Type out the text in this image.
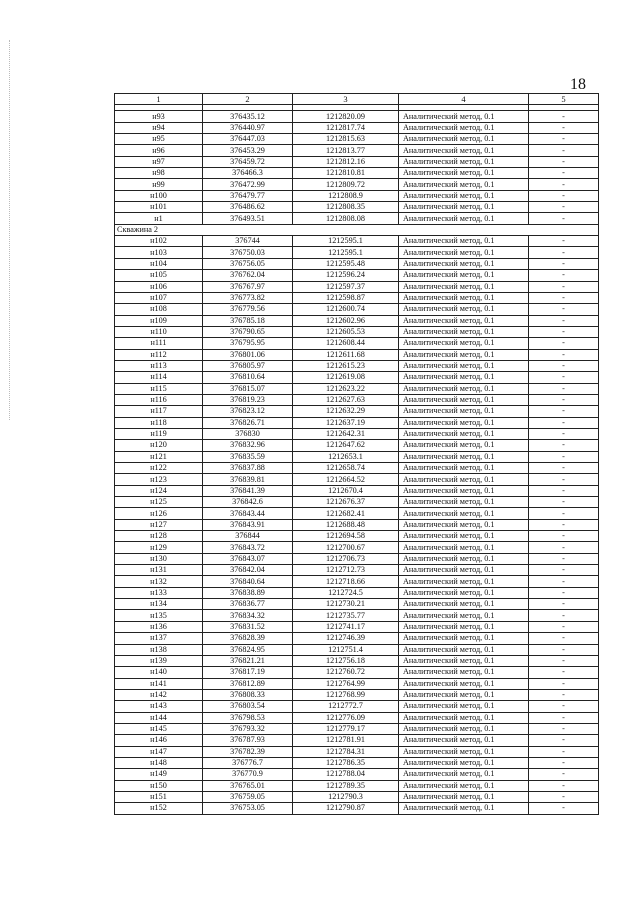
18
1	2	3	4	5

н93	376435.12	1212820.09	Аналитический метод, 0.1	-
н94	376440.97	1212817.74	Аналитический метод, 0.1	-
н95	376447.03	1212815.63	Аналитический метод, 0.1	-
н96	376453.29	1212813.77	Аналитический метод, 0.1	-
н97	376459.72	1212812.16	Аналитический метод, 0.1	-
н98	376466.3	1212810.81	Аналитический метод, 0.1	-
н99	376472.99	1212809.72	Аналитический метод, 0.1	-
н100	376479.77	1212808.9	Аналитический метод, 0.1	-
н101	376486.62	1212808.35	Аналитический метод, 0.1	-
н1	376493.51	1212808.08	Аналитический метод, 0.1	-
Скважина 2				
н102	376744	1212595.1	Аналитический метод, 0.1	-
н103	376750.03	1212595.1	Аналитический метод, 0.1	-
н104	376756.05	1212595.48	Аналитический метод, 0.1	-
н105	376762.04	1212596.24	Аналитический метод, 0.1	-
н106	376767.97	1212597.37	Аналитический метод, 0.1	-
н107	376773.82	1212598.87	Аналитический метод, 0.1	-
н108	376779.56	1212600.74	Аналитический метод, 0.1	-
н109	376785.18	1212602.96	Аналитический метод, 0.1	-
н110	376790.65	1212605.53	Аналитический метод, 0.1	-
н111	376795.95	1212608.44	Аналитический метод, 0.1	-
н112	376801.06	1212611.68	Аналитический метод, 0.1	-
н113	376805.97	1212615.23	Аналитический метод, 0.1	-
н114	376810.64	1212619.08	Аналитический метод, 0.1	-
н115	376815.07	1212623.22	Аналитический метод, 0.1	-
н116	376819.23	1212627.63	Аналитический метод, 0.1	-
н117	376823.12	1212632.29	Аналитический метод, 0.1	-
н118	376826.71	1212637.19	Аналитический метод, 0.1	-
н119	376830	1212642.31	Аналитический метод, 0.1	-
н120	376832.96	1212647.62	Аналитический метод, 0.1	-
н121	376835.59	1212653.1	Аналитический метод, 0.1	-
н122	376837.88	1212658.74	Аналитический метод, 0.1	-
н123	376839.81	1212664.52	Аналитический метод, 0.1	-
н124	376841.39	1212670.4	Аналитический метод, 0.1	-
н125	376842.6	1212676.37	Аналитический метод, 0.1	-
н126	376843.44	1212682.41	Аналитический метод, 0.1	-
н127	376843.91	1212688.48	Аналитический метод, 0.1	-
н128	376844	1212694.58	Аналитический метод, 0.1	-
н129	376843.72	1212700.67	Аналитический метод, 0.1	-
н130	376843.07	1212706.73	Аналитический метод, 0.1	-
н131	376842.04	1212712.73	Аналитический метод, 0.1	-
н132	376840.64	1212718.66	Аналитический метод, 0.1	-
н133	376838.89	1212724.5	Аналитический метод, 0.1	-
н134	376836.77	1212730.21	Аналитический метод, 0.1	-
н135	376834.32	1212735.77	Аналитический метод, 0.1	-
н136	376831.52	1212741.17	Аналитический метод, 0.1	-
н137	376828.39	1212746.39	Аналитический метод, 0.1	-
н138	376824.95	1212751.4	Аналитический метод, 0.1	-
н139	376821.21	1212756.18	Аналитический метод, 0.1	-
н140	376817.19	1212760.72	Аналитический метод, 0.1	-
н141	376812.89	1212764.99	Аналитический метод, 0.1	-
н142	376808.33	1212768.99	Аналитический метод, 0.1	-
н143	376803.54	1212772.7	Аналитический метод, 0.1	-
н144	376798.53	1212776.09	Аналитический метод, 0.1	-
н145	376793.32	1212779.17	Аналитический метод, 0.1	-
н146	376787.93	1212781.91	Аналитический метод, 0.1	-
н147	376782.39	1212784.31	Аналитический метод, 0.1	-
н148	376776.7	1212786.35	Аналитический метод, 0.1	-
н149	376770.9	1212788.04	Аналитический метод, 0.1	-
н150	376765.01	1212789.35	Аналитический метод, 0.1	-
н151	376759.05	1212790.3	Аналитический метод, 0.1	-
н152	376753.05	1212790.87	Аналитический метод, 0.1	-
